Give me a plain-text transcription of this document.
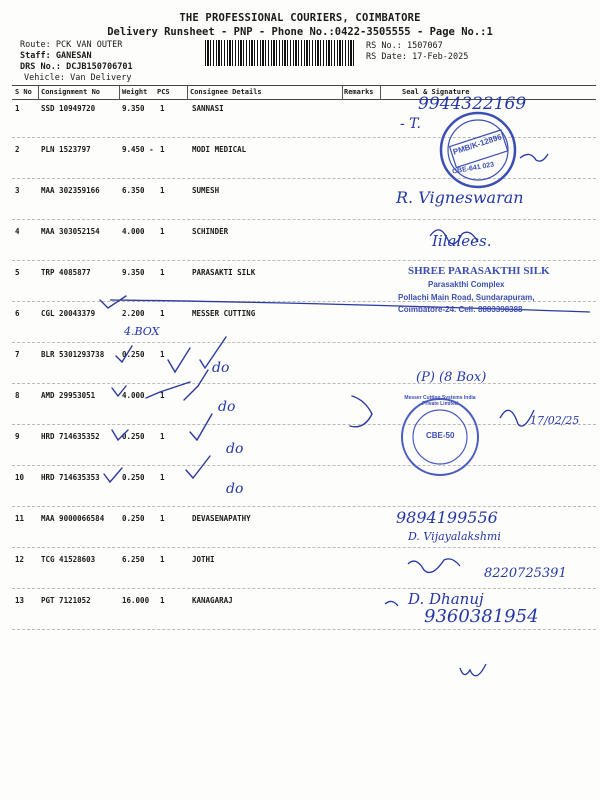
THE PROFESSIONAL COURIERS, COIMBATORE
Delivery Runsheet - PNP - Phone No.:0422-3505555 - Page No.:1
Route: PCK VAN OUTER
Staff: GANESAN
DRS No.: DCJB150706701
Vehicle: Van Delivery
RS No.: 1507067
RS Date: 17-Feb-2025
S No Consignment No	Weight PCS	Consignee Details	Remarks	Seal & Signature
1	SSD 10949720	9.350 1	SANNASI
2	PLN 1523797	9.450 - 1	MODI MEDICAL
3	MAA 302359166	6.350 1	SUMESH
4	MAA 303052154	4.000 1	SCHINDER
5	TRP 4085877	9.350 1	PARASAKTI SILK
6	CGL 20043379	2.200 1	MESSER CUTTING
7	BLR 5301293738 0.250 1
8	AMD 29953051	4.000 1
9	HRD 714635352	0.250 1
10 HRD 714635353	0.250 1
11 MAA 9000066584 0.250 1	DEVASENAPATHY
12 TCG 41528603	6.250 1	JOTHI
13 PGT 7121052	16.000 1	KANAGARAJ
9944322169
- T.
R. Vigneswaran
Iilalees.
4.BOX
do
do
do
do
(P) (8 Box)
17/02/25
9894199556
D. Vijayalakshmi
8220725391
D. Dhanuj
9360381954
PMB/K-12896
CBE-641 023
SHREE PARASAKTHI SILK
Parasakthi Complex
Pollachi Main Road, Sundarapuram,
Coimbatore-24. Cell: 8883398388
Messer Cutting Systems India Private Limited
CBE-50
